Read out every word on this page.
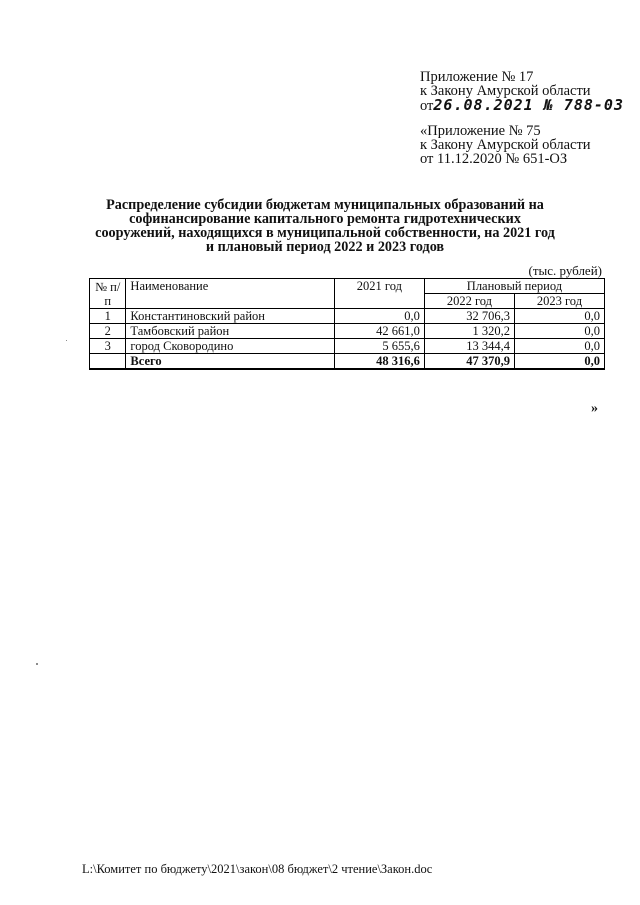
Приложение № 17
к Закону Амурской области
от26.08.2021 № 788-03
«Приложение № 75
к Закону Амурской области
от 11.12.2020 № 651-ОЗ
Распределение субсидии бюджетам муниципальных образований на
софинансирование капитального ремонта гидротехнических
сооружений, находящихся в муниципальной собственности, на 2021 год
и плановый период 2022 и 2023 годов
(тыс. рублей)
№ п/п	Наименование	2021 год	Плановый период	
			2022 год	2023 год
1	Константиновский район	0,0	32 706,3	0,0
2	Тамбовский район	42 661,0	1 320,2	0,0
3	город Сковородино	5 655,6	13 344,4	0,0
	Всего	48 316,6	47 370,9	0,0
»
L:\Комитет по бюджету\2021\закон\08 бюджет\2 чтение\Закон.doc
